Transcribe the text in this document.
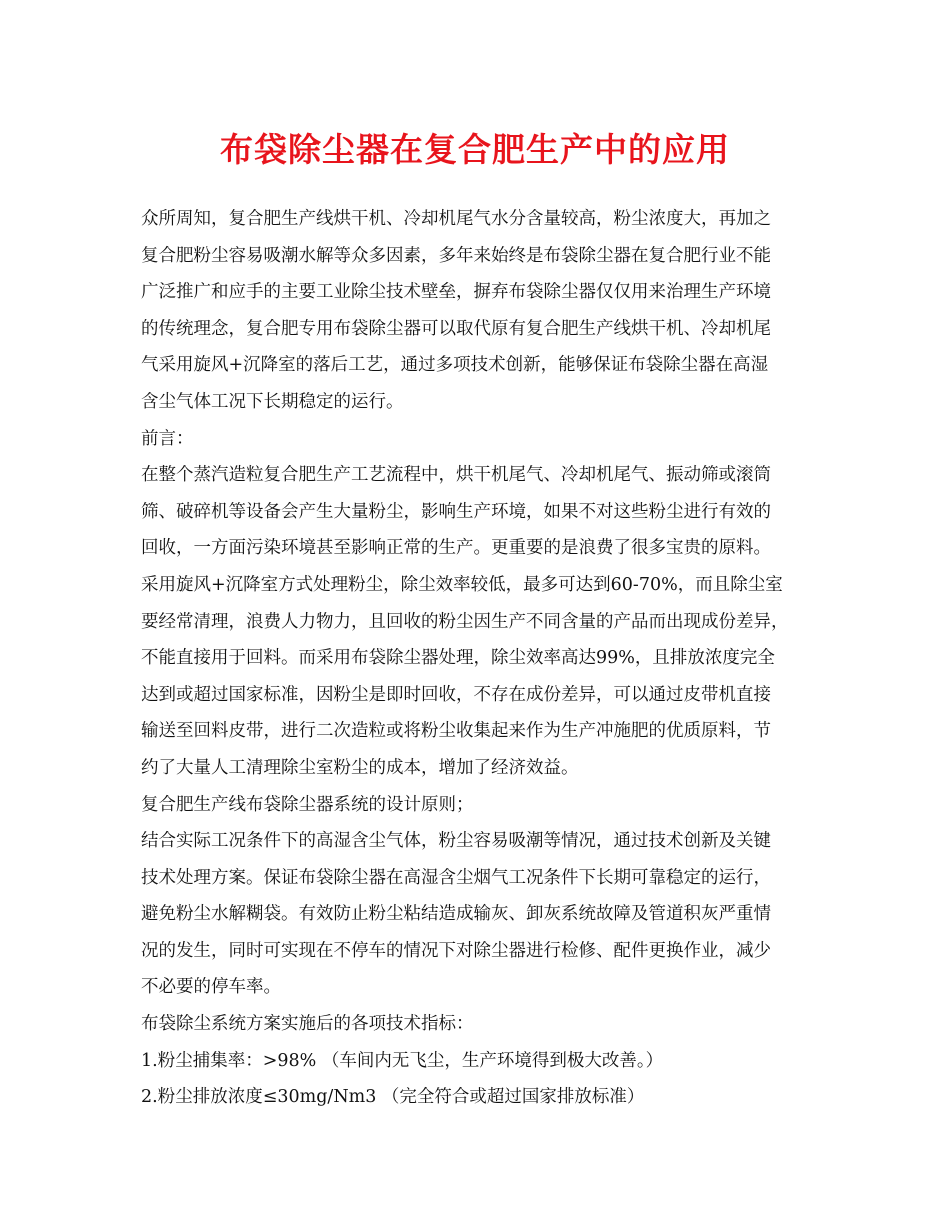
布袋除尘器在复合肥生产中的应用
众所周知，复合肥生产线烘干机、冷却机尾气水分含量较高，粉尘浓度大，再加之
复合肥粉尘容易吸潮水解等众多因素，多年来始终是布袋除尘器在复合肥行业不能
广泛推广和应手的主要工业除尘技术壁垒，摒弃布袋除尘器仅仅用来治理生产环境
的传统理念，复合肥专用布袋除尘器可以取代原有复合肥生产线烘干机、冷却机尾
气采用旋风+沉降室的落后工艺，通过多项技术创新，能够保证布袋除尘器在高湿
含尘气体工况下长期稳定的运行。
前言：
在整个蒸汽造粒复合肥生产工艺流程中，烘干机尾气、冷却机尾气、振动筛或滚筒
筛、破碎机等设备会产生大量粉尘，影响生产环境，如果不对这些粉尘进行有效的
回收，一方面污染环境甚至影响正常的生产。更重要的是浪费了很多宝贵的原料。
采用旋风+沉降室方式处理粉尘，除尘效率较低，最多可达到60-70%，而且除尘室
要经常清理，浪费人力物力，且回收的粉尘因生产不同含量的产品而出现成份差异，
不能直接用于回料。而采用布袋除尘器处理，除尘效率高达99%，且排放浓度完全
达到或超过国家标准，因粉尘是即时回收，不存在成份差异，可以通过皮带机直接
输送至回料皮带，进行二次造粒或将粉尘收集起来作为生产冲施肥的优质原料，节
约了大量人工清理除尘室粉尘的成本，增加了经济效益。
复合肥生产线布袋除尘器系统的设计原则；
结合实际工况条件下的高湿含尘气体，粉尘容易吸潮等情况，通过技术创新及关键
技术处理方案。保证布袋除尘器在高湿含尘烟气工况条件下长期可靠稳定的运行，
避免粉尘水解糊袋。有效防止粉尘粘结造成输灰、卸灰系统故障及管道积灰严重情
况的发生，同时可实现在不停车的情况下对除尘器进行检修、配件更换作业，减少
不必要的停车率。
布袋除尘系统方案实施后的各项技术指标：
1.粉尘捕集率：>98% （车间内无飞尘，生产环境得到极大改善。）
2.粉尘排放浓度≤30mg/Nm3 （完全符合或超过国家排放标准）
